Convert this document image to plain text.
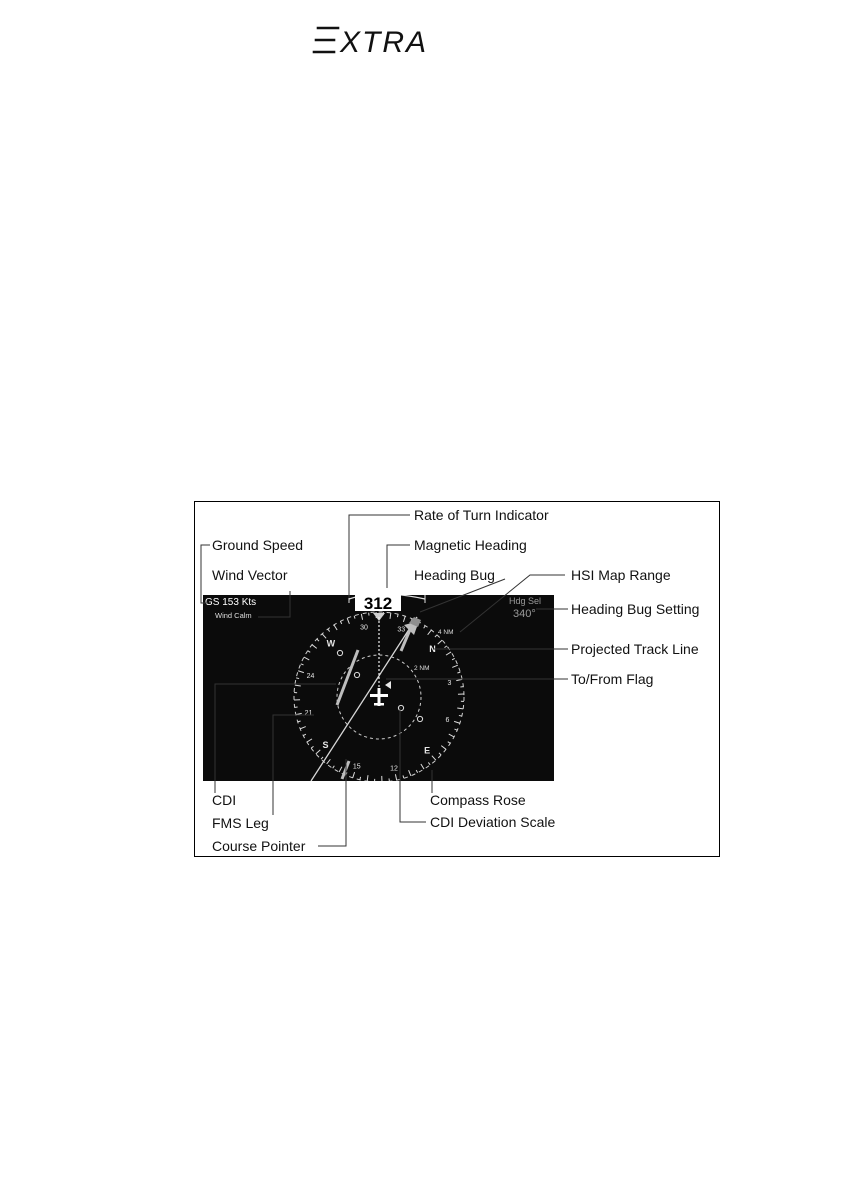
XTRA
30	33
N
3
6
E
12
15
S
21
24
W
312
GS 153 Kts
Wind Calm
Hdg Sel
340°
4 NM
2 NM
Rate of Turn Indicator
Magnetic Heading
Ground Speed
Wind Vector	Heading Bug	HSI Map Range
Heading Bug Setting
Projected Track Line
To/From Flag
CDI
FMS Leg
Course Pointer
Compass Rose
CDI Deviation Scale
